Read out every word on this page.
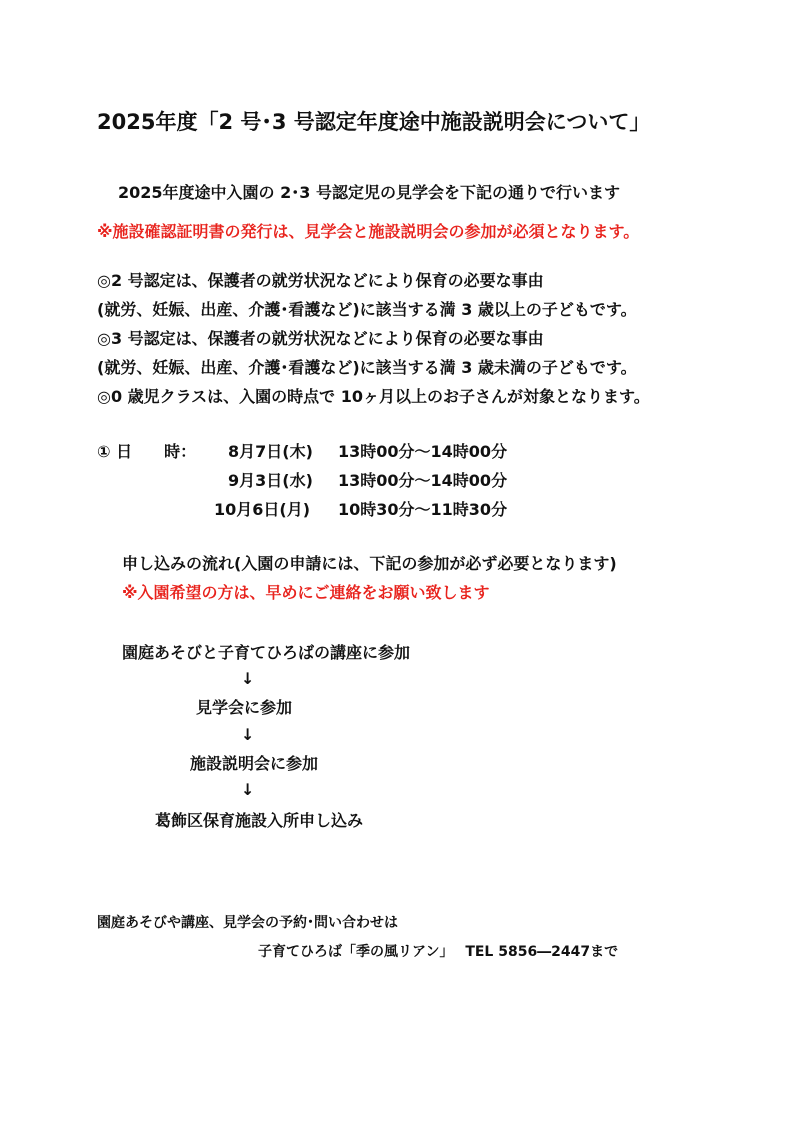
2025年度「2 号･3 号認定年度途中施設説明会について」
2025年度途中入園の 2･3 号認定児の見学会を下記の通りで行います
※施設確認証明書の発行は、見学会と施設説明会の参加が必須となります。
◎2 号認定は、保護者の就労状況などにより保育の必要な事由
(就労、妊娠、出産、介護･看護など)に該当する満 3 歳以上の子どもです。
◎3 号認定は、保護者の就労状況などにより保育の必要な事由
(就労、妊娠、出産、介護･看護など)に該当する満 3 歳未満の子どもです。
◎0 歳児クラスは、入園の時点で 10ヶ月以上のお子さんが対象となります。
① 日　　時： 8月7日(木) 13時00分～14時00分
9月3日(水) 13時00分～14時00分
10月6日(月) 10時30分～11時30分
申し込みの流れ(入園の申請には、下記の参加が必ず必要となります)
※入園希望の方は、早めにご連絡をお願い致します
園庭あそびと子育てひろばの講座に参加
↓
見学会に参加
↓
施設説明会に参加
↓
葛飾区保育施設入所申し込み
園庭あそびや講座、見学会の予約･問い合わせは
子育てひろば「季の風リアン」　 TEL 5856―2447まで
